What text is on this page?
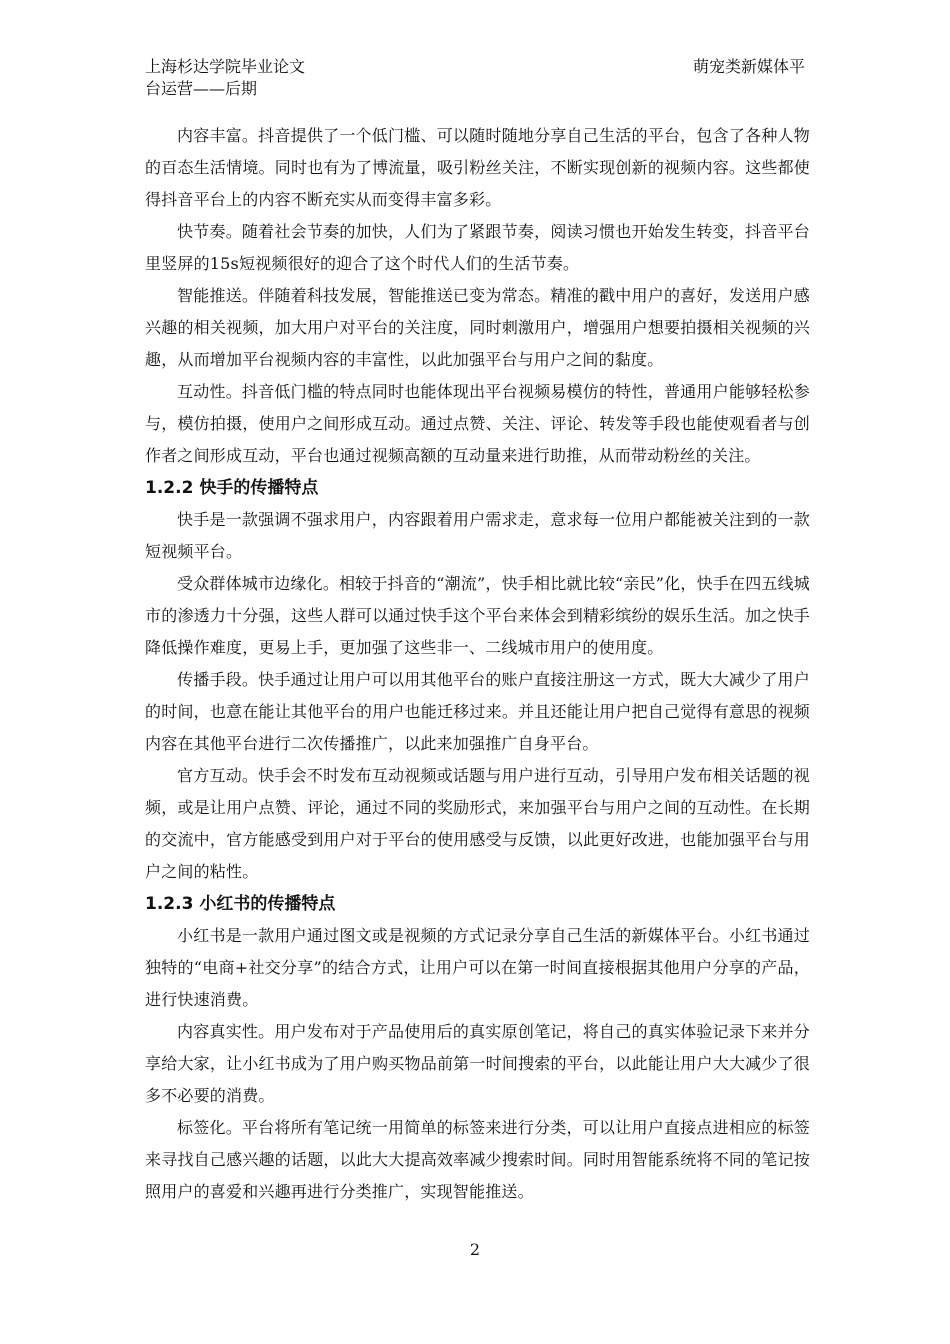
上海杉达学院毕业论文	萌宠类新媒体平
台运营——后期

内容丰富。抖音提供了一个低门槛、可以随时随地分享自己生活的平台，包含了各种人物的百态生活情境。同时也有为了博流量，吸引粉丝关注，不断实现创新的视频内容。这些都使得抖音平台上的内容不断充实从而变得丰富多彩。

快节奏。随着社会节奏的加快，人们为了紧跟节奏，阅读习惯也开始发生转变，抖音平台里竖屏的15s短视频很好的迎合了这个时代人们的生活节奏。

智能推送。伴随着科技发展，智能推送已变为常态。精准的戳中用户的喜好，发送用户感兴趣的相关视频，加大用户对平台的关注度，同时刺激用户，增强用户想要拍摄相关视频的兴趣，从而增加平台视频内容的丰富性，以此加强平台与用户之间的黏度。

互动性。抖音低门槛的特点同时也能体现出平台视频易模仿的特性，普通用户能够轻松参与，模仿拍摄，使用户之间形成互动。通过点赞、关注、评论、转发等手段也能使观看者与创作者之间形成互动，平台也通过视频高额的互动量来进行助推，从而带动粉丝的关注。

1.2.2 快手的传播特点

快手是一款强调不强求用户，内容跟着用户需求走，意求每一位用户都能被关注到的一款短视频平台。

受众群体城市边缘化。相较于抖音的“潮流”，快手相比就比较“亲民”化，快手在四五线城市的渗透力十分强，这些人群可以通过快手这个平台来体会到精彩缤纷的娱乐生活。加之快手降低操作难度，更易上手，更加强了这些非一、二线城市用户的使用度。

传播手段。快手通过让用户可以用其他平台的账户直接注册这一方式，既大大减少了用户的时间，也意在能让其他平台的用户也能迁移过来。并且还能让用户把自己觉得有意思的视频内容在其他平台进行二次传播推广，以此来加强推广自身平台。

官方互动。快手会不时发布互动视频或话题与用户进行互动，引导用户发布相关话题的视频，或是让用户点赞、评论，通过不同的奖励形式，来加强平台与用户之间的互动性。在长期的交流中，官方能感受到用户对于平台的使用感受与反馈，以此更好改进，也能加强平台与用户之间的粘性。

1.2.3 小红书的传播特点

小红书是一款用户通过图文或是视频的方式记录分享自己生活的新媒体平台。小红书通过独特的“电商+社交分享”的结合方式，让用户可以在第一时间直接根据其他用户分享的产品，进行快速消费。

内容真实性。用户发布对于产品使用后的真实原创笔记，将自己的真实体验记录下来并分享给大家，让小红书成为了用户购买物品前第一时间搜索的平台，以此能让用户大大减少了很多不必要的消费。

标签化。平台将所有笔记统一用简单的标签来进行分类，可以让用户直接点进相应的标签来寻找自己感兴趣的话题，以此大大提高效率减少搜索时间。同时用智能系统将不同的笔记按照用户的喜爱和兴趣再进行分类推广，实现智能推送。

2
